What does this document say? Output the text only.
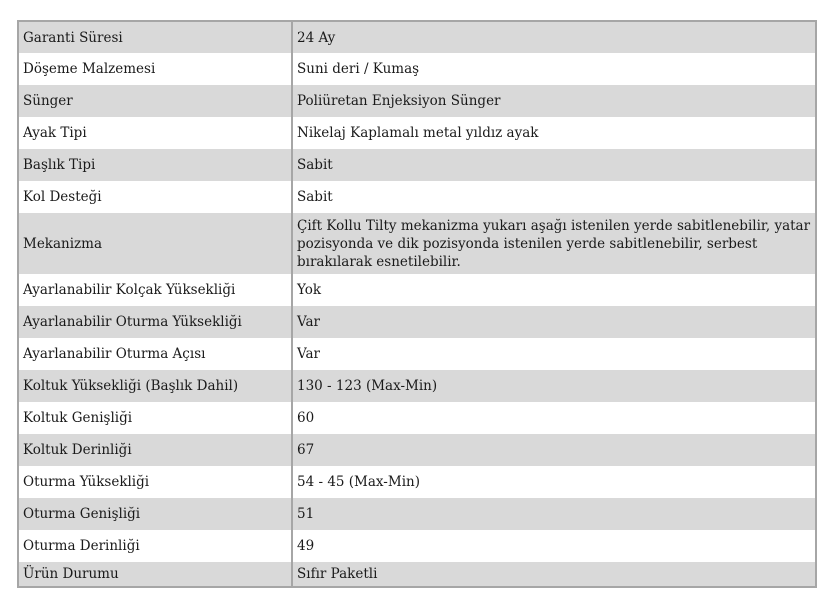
Garanti Süresi	24 Ay
Döşeme Malzemesi	Suni deri / Kumaş
Sünger	Poliüretan Enjeksiyon Sünger
Ayak Tipi	Nikelaj Kaplamalı metal yıldız ayak
Başlık Tipi	Sabit
Kol Desteği	Sabit
Mekanizma	Çift Kollu Tilty mekanizma yukarı aşağı istenilen yerde sabitlenebilir, yatar pozisyonda ve dik pozisyonda istenilen yerde sabitlenebilir, serbest bırakılarak esnetilebilir.
Ayarlanabilir Kolçak Yüksekliği	Yok
Ayarlanabilir Oturma Yüksekliği	Var
Ayarlanabilir Oturma Açısı	Var
Koltuk Yüksekliği (Başlık Dahil)	130 - 123 (Max-Min)
Koltuk Genişliği	60
Koltuk Derinliği	67
Oturma Yüksekliği	54 - 45 (Max-Min)
Oturma Genişliği	51
Oturma Derinliği	49
Ürün Durumu	Sıfır Paketli
